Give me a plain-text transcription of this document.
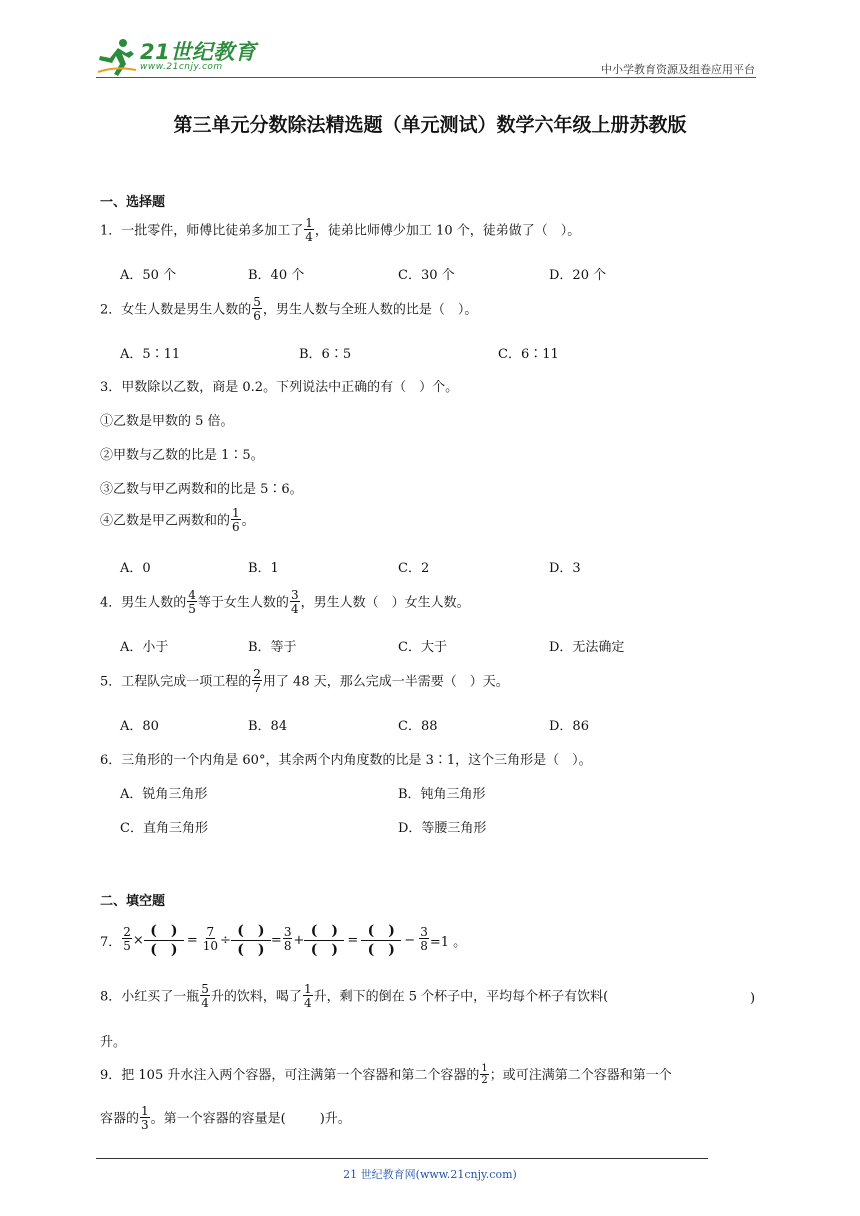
21世纪教育
www.21cnjy.com	中小学教育资源及组卷应用平台
第三单元分数除法精选题（单元测试）数学六年级上册苏教版
一、选择题
1．一批零件，师傅比徒弟多加工了 $\frac{1}{4}$ ，徒弟比师傅少加工 10 个，徒弟做了（　）。
A．50 个	B．40 个	C．30 个	D．20 个
2．女生人数是男生人数的 $\frac{5}{6}$ ，男生人数与全班人数的比是（　）。
A．5∶11	B．6∶5	C．6∶11
3．甲数除以乙数，商是 0.2。下列说法中正确的有（　）个。
①乙数是甲数的 5 倍。
②甲数与乙数的比是 1∶5。
③乙数与甲乙两数和的比是 5∶6。
④乙数是甲乙两数和的 $\frac{1}{6}$ 。
A．0	B．1	C．2	D．3
4．男生人数的 $\frac{4}{5}$ 等于女生人数的 $\frac{3}{4}$ ，男生人数（　）女生人数。
A．小于	B．等于	C．大于	D．无法确定
5．工程队完成一项工程的 $\frac{2}{7}$ 用了 48 天，那么完成一半需要（　）天。
A．80	B．84	C．88	D．86
6．三角形的一个内角是 60°，其余两个内角度数的比是 3∶1，这个三角形是（　）。
A．锐角三角形	B．钝角三角形
C．直角三角形	D．等腰三角形
二、填空题
7． $\frac{2}{5}$ ×
(　 )
(　 )
= $\frac{7}{10}$ ÷
(　 )
(　 )
= $\frac{3}{8}$ +
(　 )
(　 )
=
(　 )
(　 )
− $\frac{3}{8} =1$ 。
8．小红买了一瓶 $\frac{5}{4}$ 升的饮料，喝了 $\frac{1}{4}$ 升，剩下的倒在 5 个杯子中，平均每个杯子有饮料(	)
升。
9．把 105 升水注入两个容器，可注满第一个容器和第二个容器的 $\frac{1}{2}$ ；或可注满第二个容器和第一个
容器的 $\frac{1}{3}$ 。第一个容器的容量是(	)升。
21 世纪教育网(www.21cnjy.com)
